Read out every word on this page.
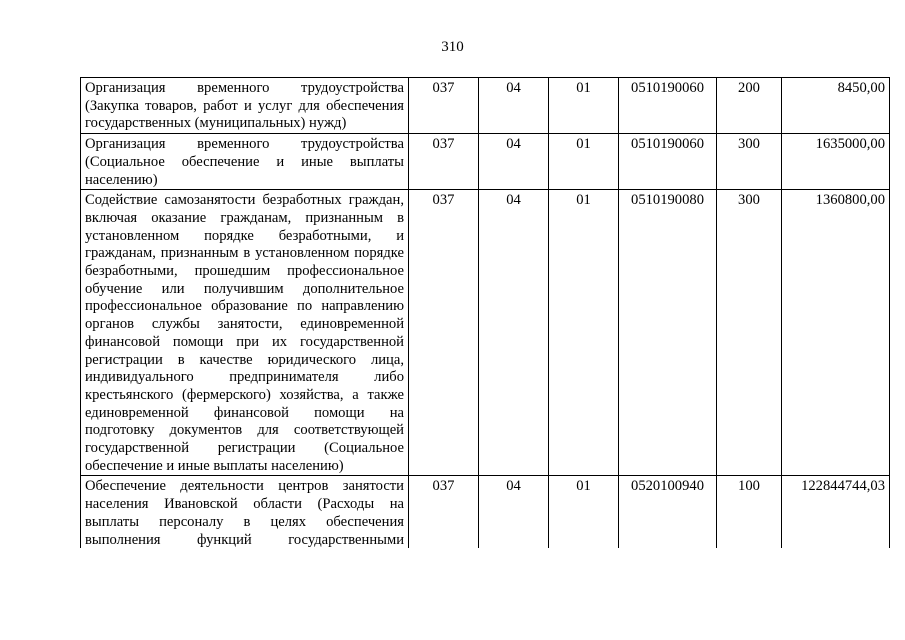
310
Организация временного трудоустройства (Закупка товаров, работ и услуг для обеспечения государственных (муниципальных) нужд)	037	04	01	0510190060	200	8450,00

Организация временного трудоустройства (Социальное обеспечение и иные выплаты населению)	037	04	01	0510190060	300	1635000,00

Содействие самозанятости безработных граждан, включая оказание гражданам, признанным в установленном порядке безработными, и гражданам, признанным в установленном порядке безработными, прошедшим профессиональное обучение или получившим дополнительное профессиональное образование по направлению органов службы занятости, единовременной финансовой помощи при их государственной регистрации в качестве юридического лица, индивидуального предпринимателя либо крестьянского (фермерского) хозяйства, а также единовременной финансовой помощи на подготовку документов для соответствующей государственной регистрации (Социальное обеспечение и иные выплаты населению)	037	04	01	0510190080	300	1360800,00

Обеспечение деятельности центров занятости населения Ивановской области (Расходы на выплаты персоналу в целях обеспечения выполнения функций государственными	037	04	01	0520100940	100	122844744,03
